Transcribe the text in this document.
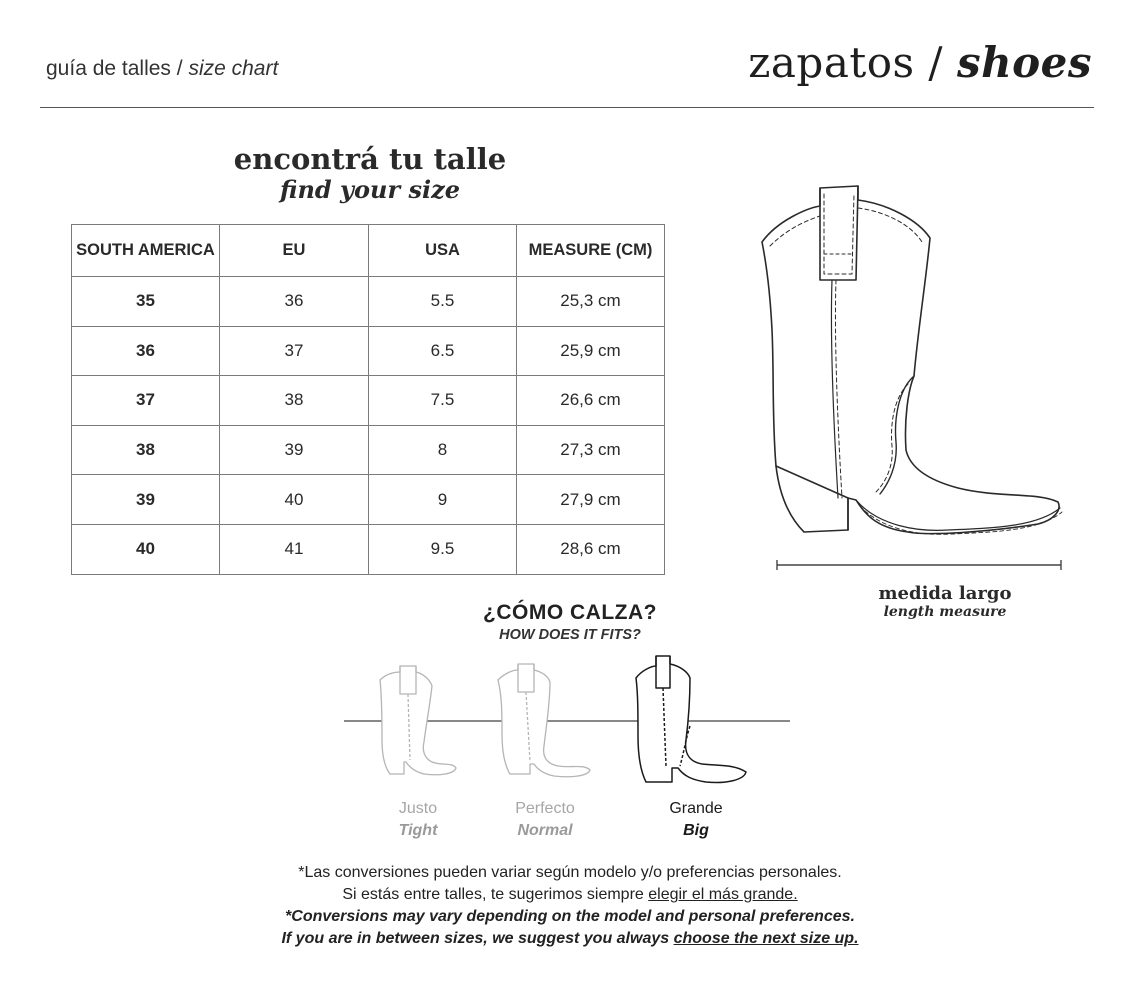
guía de talles / size chart	zapatos / shoes
encontrá tu talle
find your size
SOUTH AMERICA	EU	USA	MEASURE (CM)
35	36	5.5	25,3 cm
36	37	6.5	25,9 cm
37	38	7.5	26,6 cm
38	39	8	27,3 cm
39	40	9	27,9 cm
40	41	9.5	28,6 cm
medida largo
length measure
¿CÓMO CALZA?
HOW DOES IT FITS?
Justo
Tight
Perfecto
Normal
Grande
Big
*Las conversiones pueden variar según modelo y/o preferencias personales.
Si estás entre talles, te sugerimos siempre elegir el más grande.
*Conversions may vary depending on the model and personal preferences.
If you are in between sizes, we suggest you always choose the next size up.
